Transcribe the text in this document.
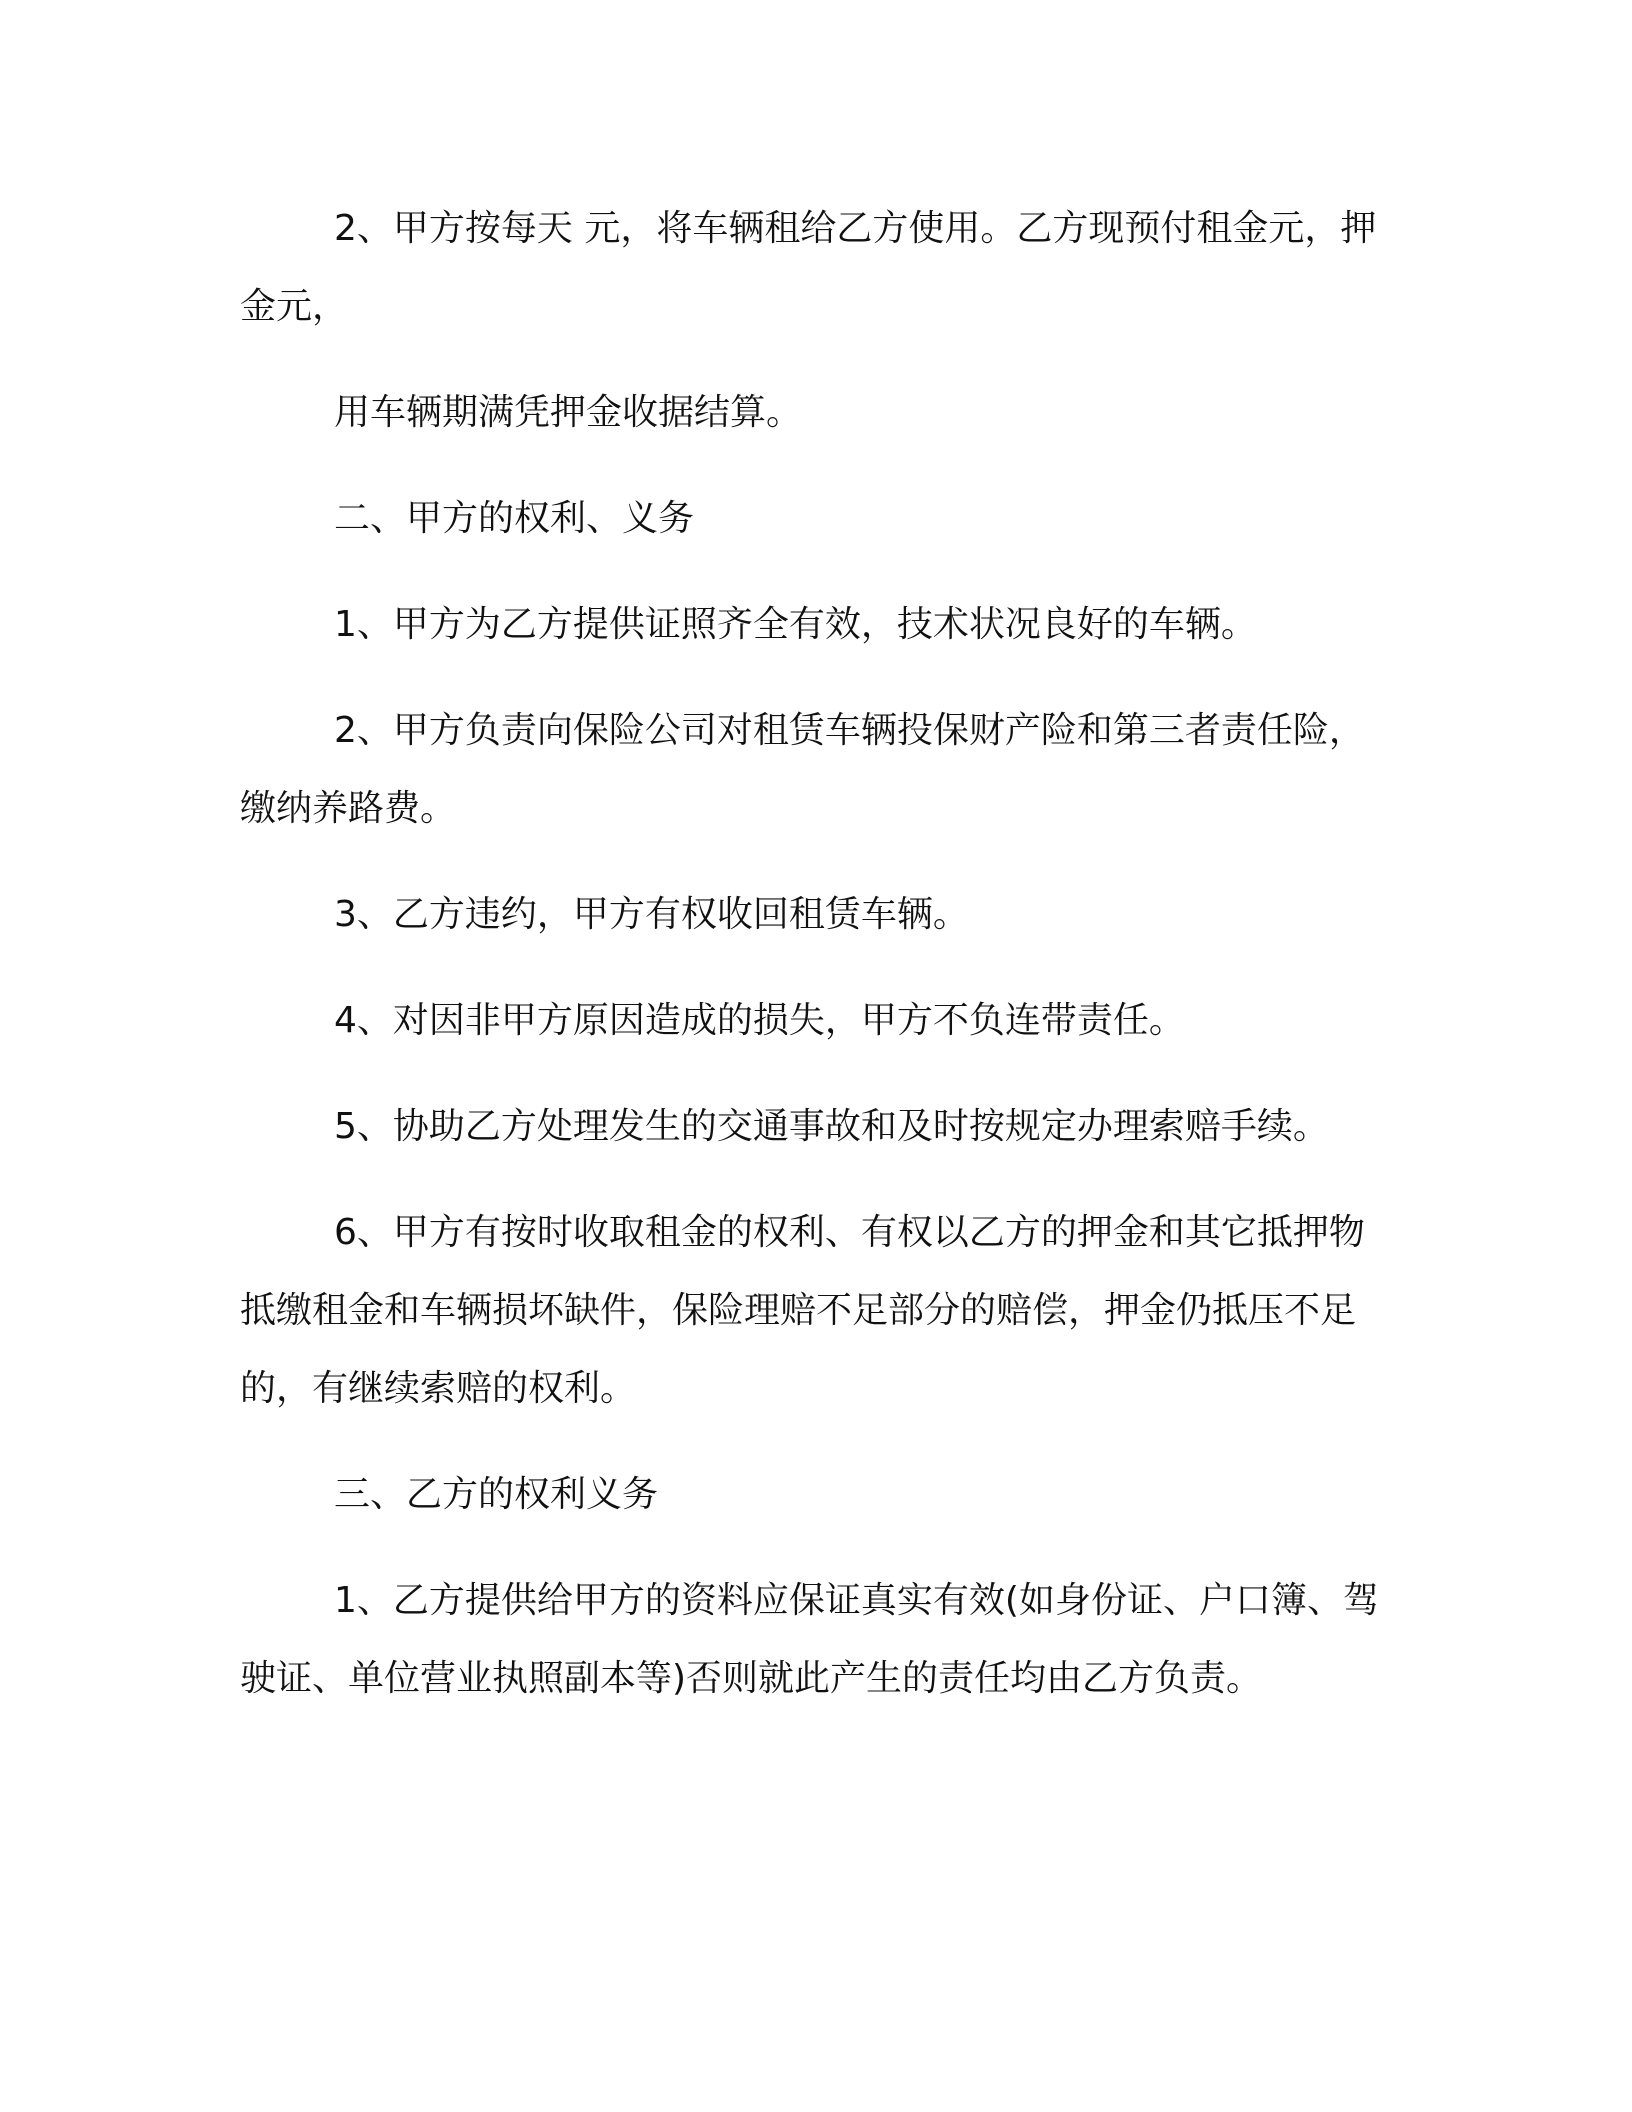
2、甲方按每天 元，将车辆租给乙方使用。乙方现预付租金元，押金元，

用车辆期满凭押金收据结算。

二、甲方的权利、义务

1、甲方为乙方提供证照齐全有效，技术状况良好的车辆。

2、甲方负责向保险公司对租赁车辆投保财产险和第三者责任险，缴纳养路费。

3、乙方违约，甲方有权收回租赁车辆。

4、对因非甲方原因造成的损失，甲方不负连带责任。

5、协助乙方处理发生的交通事故和及时按规定办理索赔手续。

6、甲方有按时收取租金的权利、有权以乙方的押金和其它抵押物抵缴租金和车辆损坏缺件，保险理赔不足部分的赔偿，押金仍抵压不足的，有继续索赔的权利。

三、乙方的权利义务

1、乙方提供给甲方的资料应保证真实有效(如身份证、户口簿、驾驶证、单位营业执照副本等)否则就此产生的责任均由乙方负责。
